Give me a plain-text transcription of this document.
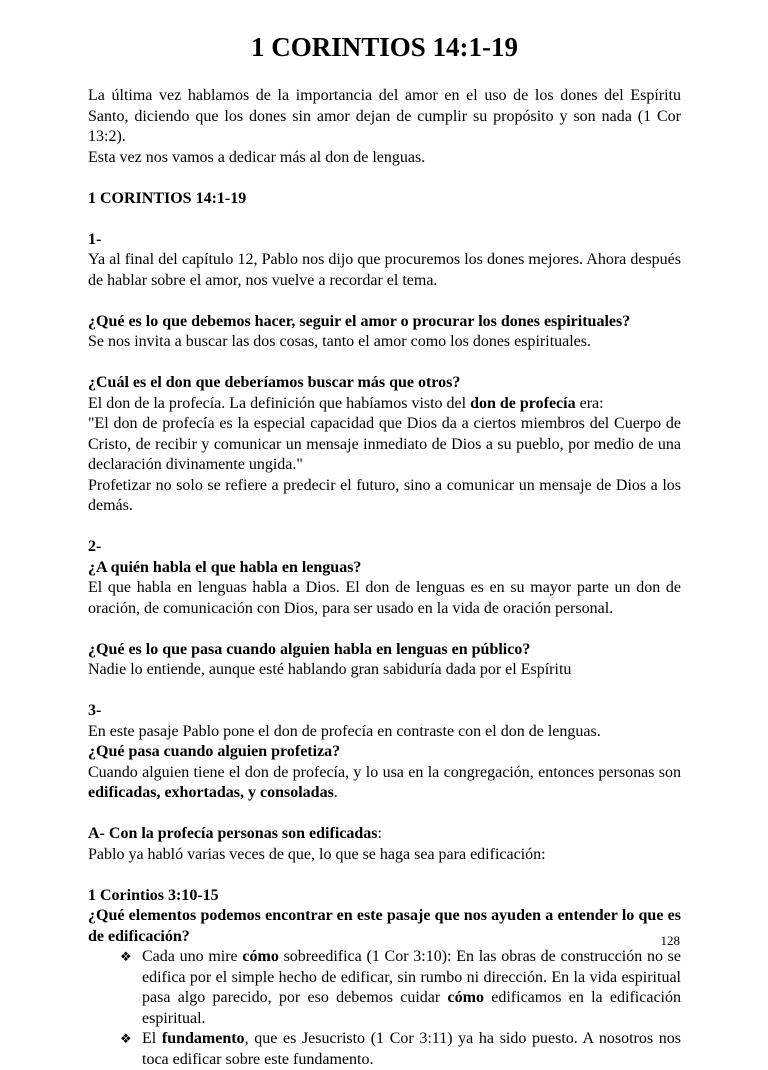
1 CORINTIOS 14:1-19

La última vez hablamos de la importancia del amor en el uso de los dones del Espíritu Santo, diciendo que los dones sin amor dejan de cumplir su propósito y son nada (1 Cor 13:2).
Esta vez nos vamos a dedicar más al don de lenguas.

1 CORINTIOS 14:1-19

1-
Ya al final del capítulo 12, Pablo nos dijo que procuremos los dones mejores. Ahora después de hablar sobre el amor, nos vuelve a recordar el tema.

¿Qué es lo que debemos hacer, seguir el amor o procurar los dones espirituales?
Se nos invita a buscar las dos cosas, tanto el amor como los dones espirituales.

¿Cuál es el don que deberíamos buscar más que otros?
El don de la profecía. La definición que habíamos visto del don de profecía era:
"El don de profecía es la especial capacidad que Dios da a ciertos miembros del Cuerpo de Cristo, de recibir y comunicar un mensaje inmediato de Dios a su pueblo, por medio de una declaración divinamente ungida."
Profetizar no solo se refiere a predecir el futuro, sino a comunicar un mensaje de Dios a los demás.

2-
¿A quién habla el que habla en lenguas?
El que habla en lenguas habla a Dios. El don de lenguas es en su mayor parte un don de oración, de comunicación con Dios, para ser usado en la vida de oración personal.

¿Qué es lo que pasa cuando alguien habla en lenguas en público?
Nadie lo entiende, aunque esté hablando gran sabiduría dada por el Espíritu

3-
En este pasaje Pablo pone el don de profecía en contraste con el don de lenguas.
¿Qué pasa cuando alguien profetiza?
Cuando alguien tiene el don de profecía, y lo usa en la congregación, entonces personas son edificadas, exhortadas, y consoladas.

A- Con la profecía personas son edificadas:
Pablo ya habló varias veces de que, lo que se haga sea para edificación:

1 Corintios 3:10-15

¿Qué elementos podemos encontrar en este pasaje que nos ayuden a entender lo que es de edificación?
❖ Cada uno mire cómo sobreedifica (1 Cor 3:10): En las obras de construcción no se edifica por el simple hecho de edificar, sin rumbo ni dirección. En la vida espiritual pasa algo parecido, por eso debemos cuidar cómo edificamos en la edificación espiritual.
❖ El fundamento, que es Jesucristo (1 Cor 3:11) ya ha sido puesto. A nosotros nos toca edificar sobre este fundamento.
128
